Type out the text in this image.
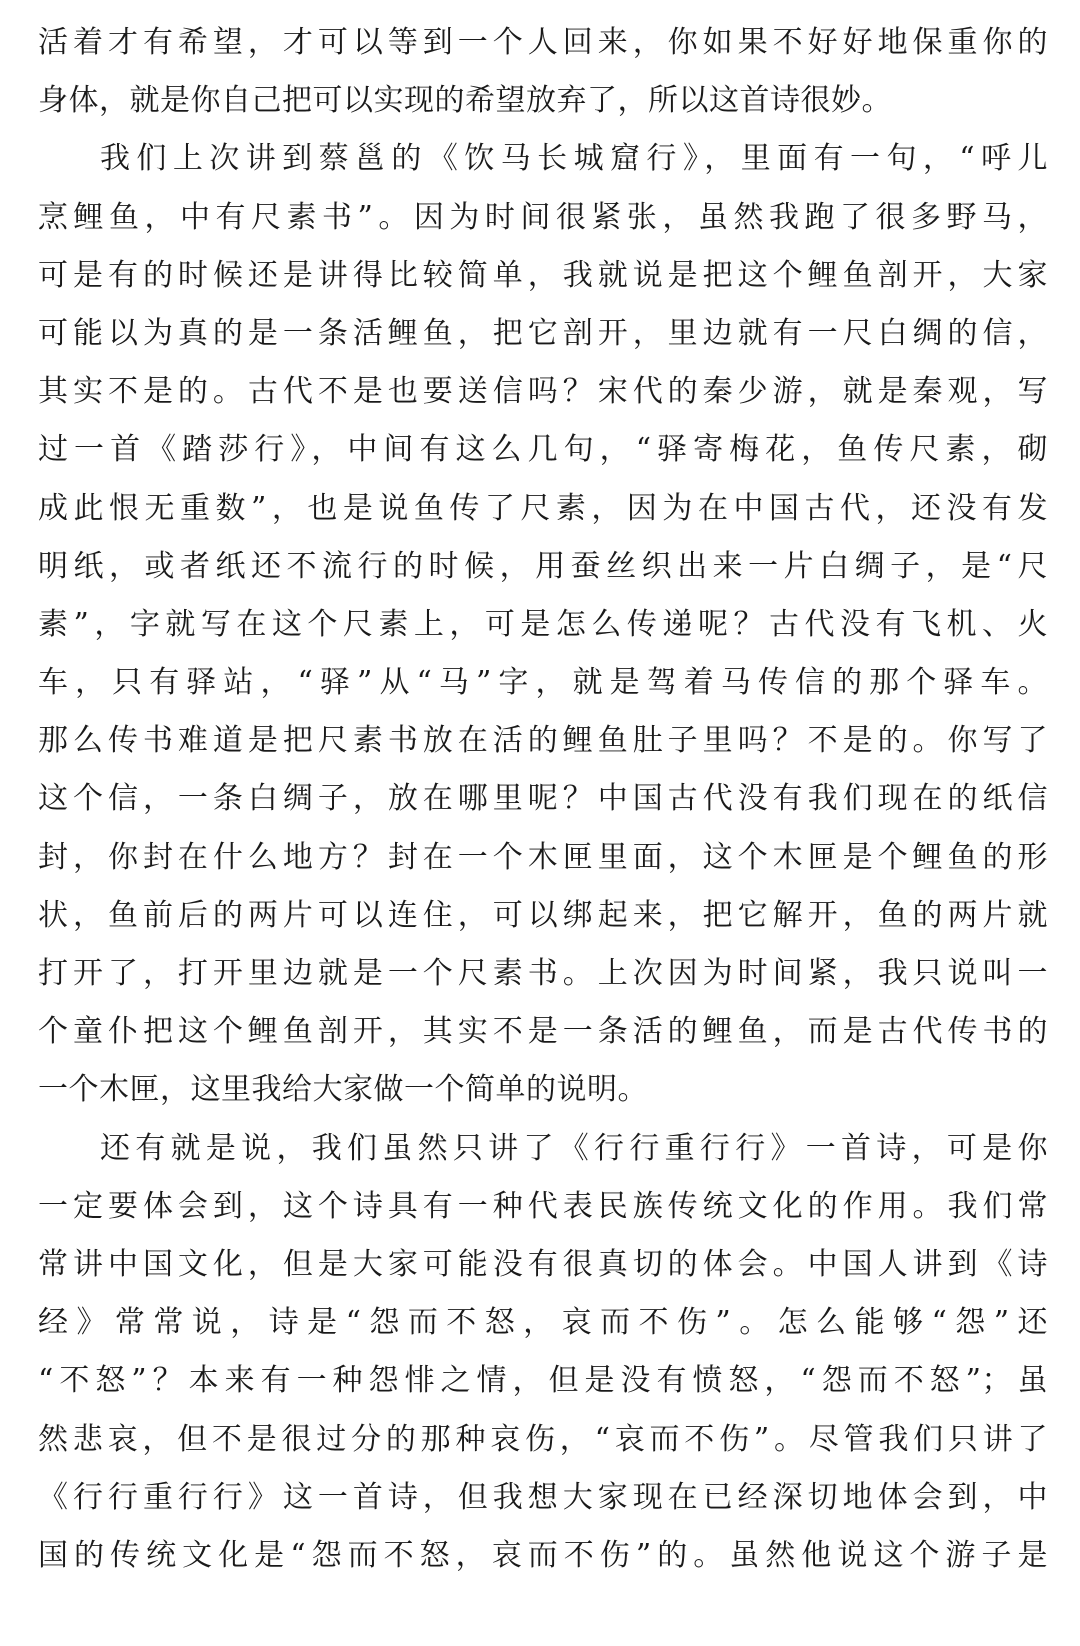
活着才有希望，才可以等到一个人回来，你如果不好好地保重你的
身体，就是你自己把可以实现的希望放弃了，所以这首诗很妙。
我们上次讲到蔡邕的《饮马长城窟行》，里面有一句，“呼儿
烹鲤鱼，中有尺素书”。因为时间很紧张，虽然我跑了很多野马，
可是有的时候还是讲得比较简单，我就说是把这个鲤鱼剖开，大家
可能以为真的是一条活鲤鱼，把它剖开，里边就有一尺白绸的信，
其实不是的。古代不是也要送信吗？宋代的秦少游，就是秦观，写
过一首《踏莎行》，中间有这么几句，“驿寄梅花，鱼传尺素，砌
成此恨无重数”，也是说鱼传了尺素，因为在中国古代，还没有发
明纸，或者纸还不流行的时候，用蚕丝织出来一片白绸子，是“尺
素”，字就写在这个尺素上，可是怎么传递呢？古代没有飞机、火
车，只有驿站，“驿”从“马”字，就是驾着马传信的那个驿车。
那么传书难道是把尺素书放在活的鲤鱼肚子里吗？不是的。你写了
这个信，一条白绸子，放在哪里呢？中国古代没有我们现在的纸信
封，你封在什么地方？封在一个木匣里面，这个木匣是个鲤鱼的形
状，鱼前后的两片可以连住，可以绑起来，把它解开，鱼的两片就
打开了，打开里边就是一个尺素书。上次因为时间紧，我只说叫一
个童仆把这个鲤鱼剖开，其实不是一条活的鲤鱼，而是古代传书的
一个木匣，这里我给大家做一个简单的说明。
还有就是说，我们虽然只讲了《行行重行行》一首诗，可是你
一定要体会到，这个诗具有一种代表民族传统文化的作用。我们常
常讲中国文化，但是大家可能没有很真切的体会。中国人讲到《诗
经》常常说，诗是“怨而不怒，哀而不伤”。怎么能够“怨”还
“不怒”？本来有一种怨悱之情，但是没有愤怒，“怨而不怒”；虽
然悲哀，但不是很过分的那种哀伤，“哀而不伤”。尽管我们只讲了
《行行重行行》这一首诗，但我想大家现在已经深切地体会到，中
国的传统文化是“怨而不怒，哀而不伤”的。虽然他说这个游子是
